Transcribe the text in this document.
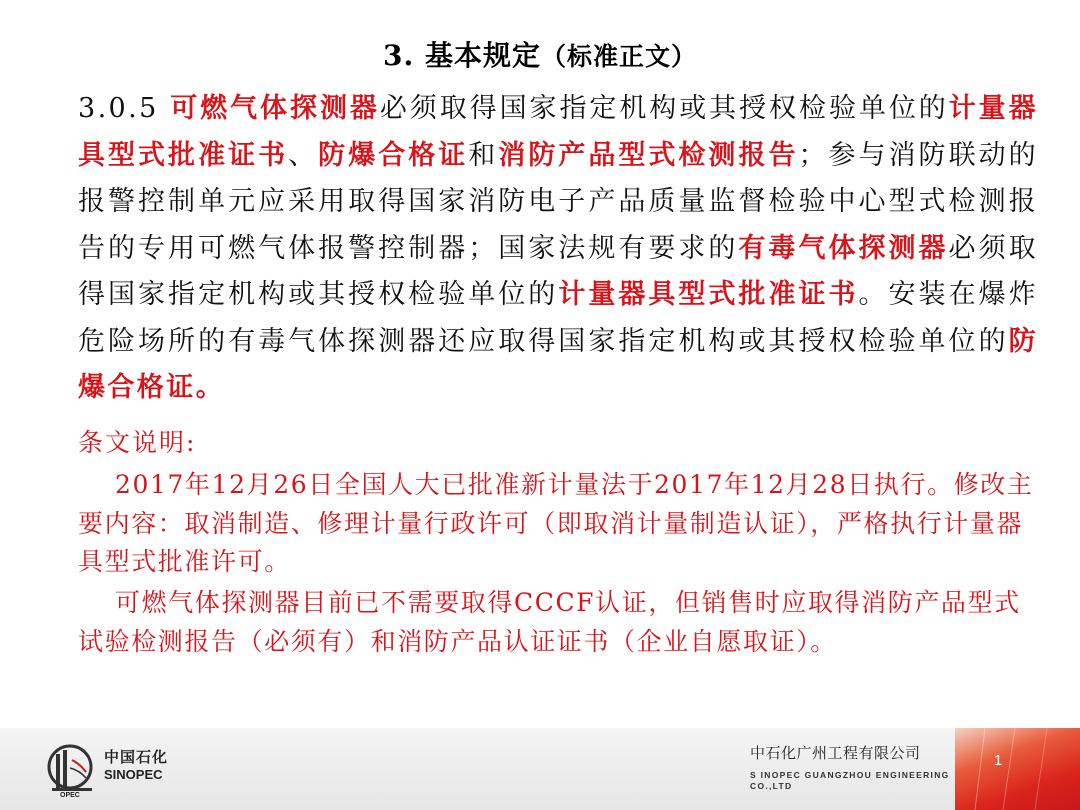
3. 基本规定（标准正文）
3.0.5 可燃气体探测器必须取得国家指定机构或其授权检验单位的计量器具型式批准证书、防爆合格证和消防产品型式检测报告；参与消防联动的报警控制单元应采用取得国家消防电子产品质量监督检验中心型式检测报告的专用可燃气体报警控制器；国家法规有要求的有毒气体探测器必须取得国家指定机构或其授权检验单位的计量器具型式批准证书。安装在爆炸危险场所的有毒气体探测器还应取得国家指定机构或其授权检验单位的防爆合格证。
条文说明:
2017年12月26日全国人大已批准新计量法于2017年12月28日执行。修改主要内容：取消制造、修理计量行政许可（即取消计量制造认证），严格执行计量器具型式批准许可。
可燃气体探测器目前已不需要取得CCCF认证，但销售时应取得消防产品型式试验检测报告（必须有）和消防产品认证证书（企业自愿取证）。
OPEC
中国石化
SINOPEC
中石化广州工程有限公司
S INOPEC GUANGZHOU ENGINEERING CO.,LTD
1
